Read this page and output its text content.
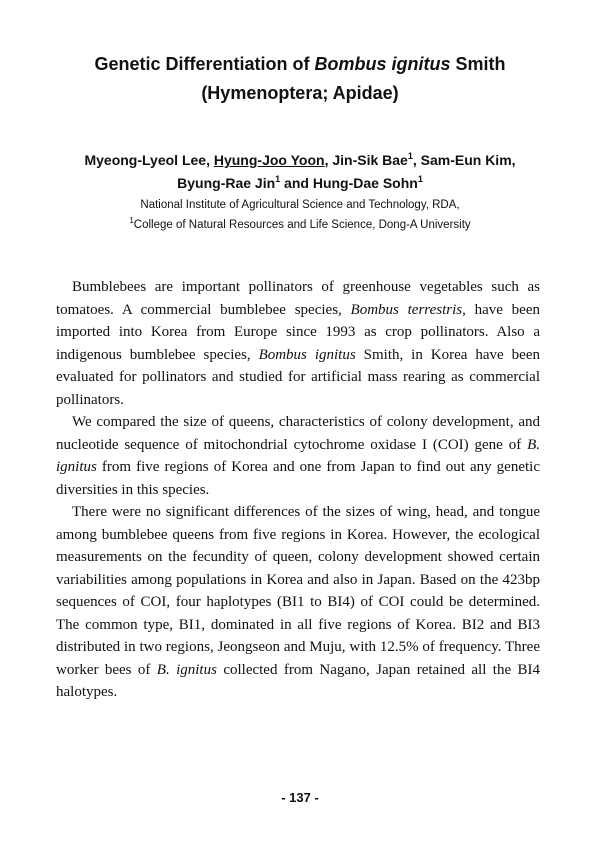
Genetic Differentiation of Bombus ignitus Smith
(Hymenoptera; Apidae)
Myeong-Lyeol Lee, Hyung-Joo Yoon, Jin-Sik Bae$^1$, Sam-Eun Kim,
Byung-Rae Jin$^1$ and Hung-Dae Sohn$^1$
National Institute of Agricultural Science and Technology, RDA,
$^1$College of Natural Resources and Life Science, Dong-A University

Bumblebees are important pollinators of greenhouse vegetables such as tomatoes. A commercial bumblebee species, Bombus terrestris, have been imported into Korea from Europe since 1993 as crop pollinators. Also a indigenous bumblebee species, Bombus ignitus Smith, in Korea have been evaluated for pollinators and studied for artificial mass rearing as commercial pollinators.

We compared the size of queens, characteristics of colony development, and nucleotide sequence of mitochondrial cytochrome oxidase I (COI) gene of B. ignitus from five regions of Korea and one from Japan to find out any genetic diversities in this species.

There were no significant differences of the sizes of wing, head, and tongue among bumblebee queens from five regions in Korea. However, the ecological measurements on the fecundity of queen, colony development showed certain variabilities among populations in Korea and also in Japan. Based on the 423bp sequences of COI, four haplotypes (BI1 to BI4) of COI could be determined. The common type, BI1, dominated in all five regions of Korea. BI2 and BI3 distributed in two regions, Jeongseon and Muju, with 12.5% of frequency. Three worker bees of B. ignitus collected from Nagano, Japan retained all the BI4 halotypes.

- 137 -
